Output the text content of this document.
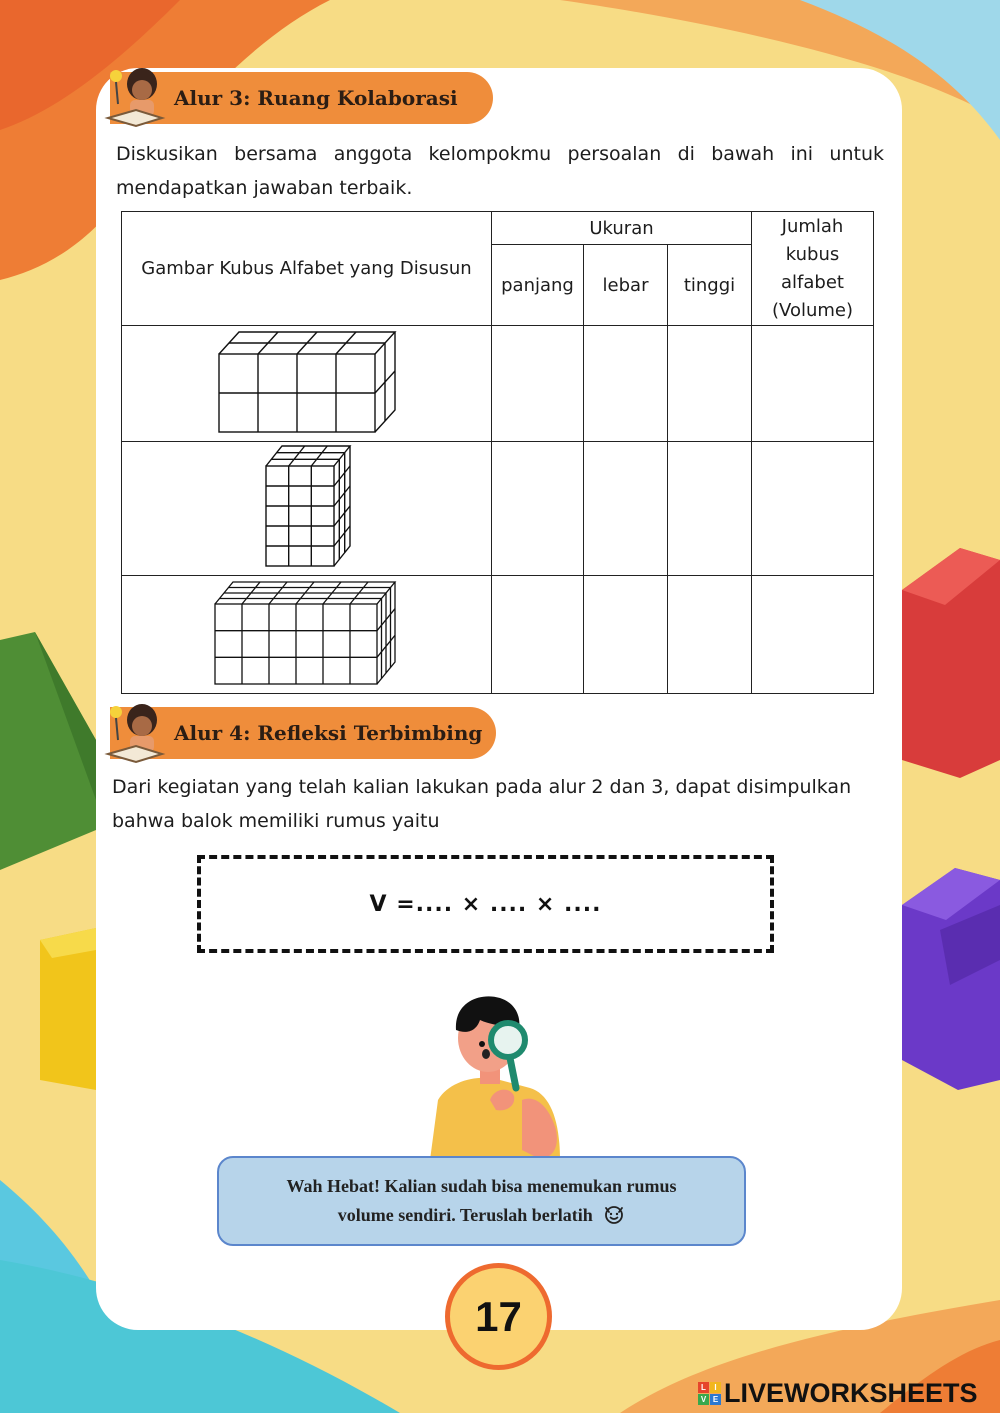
Alur 3: Ruang Kolaborasi

Diskusikan bersama anggota kelompokmu persoalan di bawah ini untuk mendapatkan jawaban terbaik.

Gambar Kubus Alfabet yang Disusun	Ukuran			Jumlah kubus alfabet (Volume)
	panjang	lebar	tinggi	

Alur 4: Refleksi Terbimbing

Dari kegiatan yang telah kalian lakukan pada alur 2 dan 3, dapat disimpulkan bahwa balok memiliki rumus yaitu

V =.... × .... × ....
Wah Hebat! Kalian sudah bisa menemukan rumus
volume sendiri. Teruslah berlatih
17
L	I
V E LIVEWORKSHEETS
